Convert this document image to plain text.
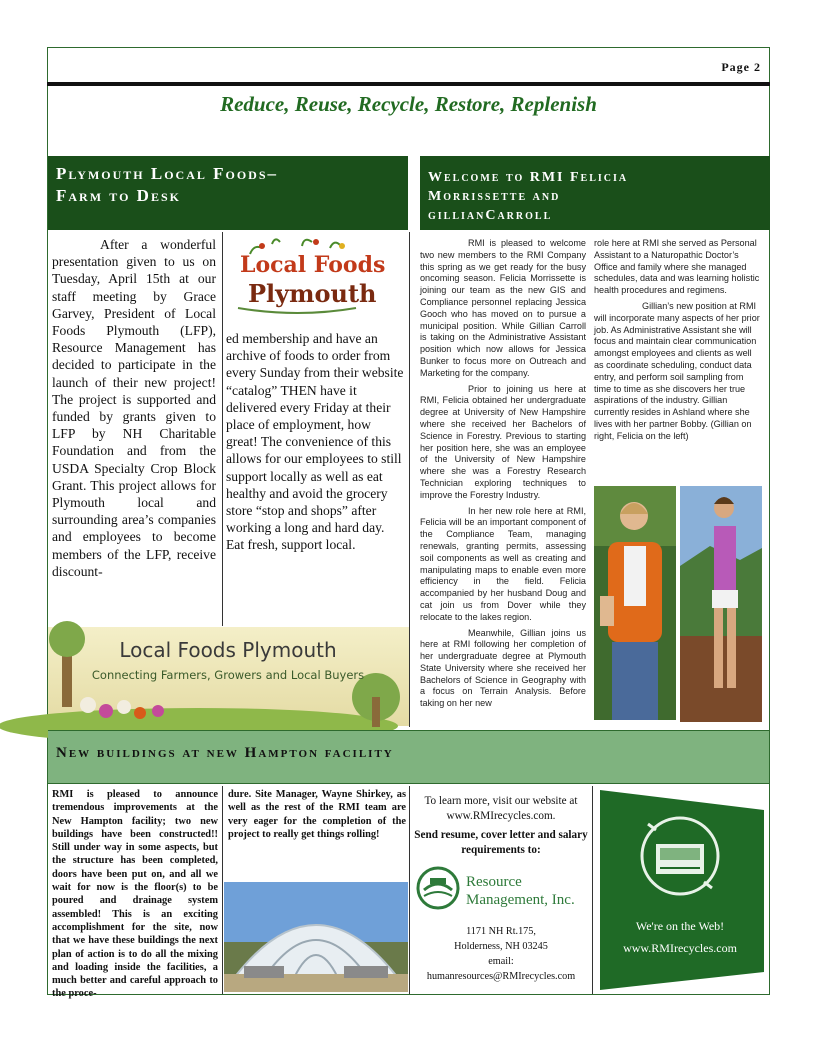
Page 2
Reduce, Reuse, Recycle, Restore, Replenish
Plymouth Local Foods–
Farm to Desk
Welcome to RMI Felicia
Morrissette and
gillianCarroll

After a wonderful presentation given to us on Tuesday, April 15th at our staff meeting by Grace Garvey, President of Local Foods Plymouth (LFP), Resource Management has decided to participate in the launch of their new project! The project is supported and funded by grants given to LFP by NH Charitable Foundation and from the USDA Specialty Crop Block Grant. This project allows for Plymouth local and surrounding area’s companies and employees to become members of the LFP, receive discount-

Local Foods
Plymouth

ed membership and have an archive of foods to order from every Sunday from their website “catalog” THEN have it delivered every Friday at their place of employment, how great! The convenience of this allows for our employees to still support locally as well as eat healthy and avoid the grocery store “stop and shops” after working a long and hard day. Eat fresh, support local.

Local Foods Plymouth
Connecting Farmers, Growers and Local Buyers

RMI is pleased to welcome two new members to the RMI Company this spring as we get ready for the busy oncoming season. Felicia Morrissette is joining our team as the new GIS and Compliance personnel replacing Jessica Gooch who has moved on to pursue a municipal position. While Gillian Carroll is taking on the Administrative Assistant position which now allows for Jessica Bunker to focus more on Outreach and Marketing for the company.

Prior to joining us here at RMI, Felicia obtained her undergraduate degree at University of New Hampshire where she received her Bachelors of Science in Forestry. Previous to starting her position here, she was an employee of the University of New Hampshire where she was a Forestry Research Technician exploring techniques to improve the Forestry Industry.

In her new role here at RMI, Felicia will be an important component of the Compliance Team, managing renewals, granting permits, assessing soil components as well as creating and manipulating maps to enable even more efficiency in the field. Felicia accompanied by her husband Doug and cat join us from Dover while they relocate to the lakes region.

Meanwhile, Gillian joins us here at RMI following her completion of her undergraduate degree at Plymouth State University where she received her Bachelors of Science in Geography with a focus on Terrain Analysis. Before taking on her new

role here at RMI she served as Personal Assistant to a Naturopathic Doctor’s Office and family where she managed schedules, data and was learning holistic health procedures and regimens.

Gillian’s new position at RMI will incorporate many aspects of her prior job. As Administrative Assistant she will focus and maintain clear communication amongst employees and clients as well as coordinate scheduling, conduct data entry, and perform soil sampling from time to time as she discovers her true aspirations of the industry. Gillian currently resides in Ashland where she lives with her partner Bobby. (Gillian on right, Felicia on the left)

New buildings at new Hampton facility
RMI is pleased to announce tremendous improvements at the New Hampton facility; two new buildings have been constructed!! Still under way in some aspects, but the structure has been completed, doors have been put on, and all we wait for now is the floor(s) to be poured and drainage system assembled! This is an exciting accomplishment for the site, now that we have these buildings the next plan of action is to do all the mixing and loading inside the facilities, a much better and careful approach to the proce-
dure. Site Manager, Wayne Shirkey, as well as the rest of the RMI team are very eager for the completion of the project to really get things rolling!
To learn more, visit our website at www.RMIrecycles.com.
Send resume, cover letter and salary requirements to:
Resource
Management, Inc.
1171 NH Rt.175,
Holderness, NH 03245
email:
humanresources@RMIrecycles.com
We're on the Web!
www.RMIrecycles.com
